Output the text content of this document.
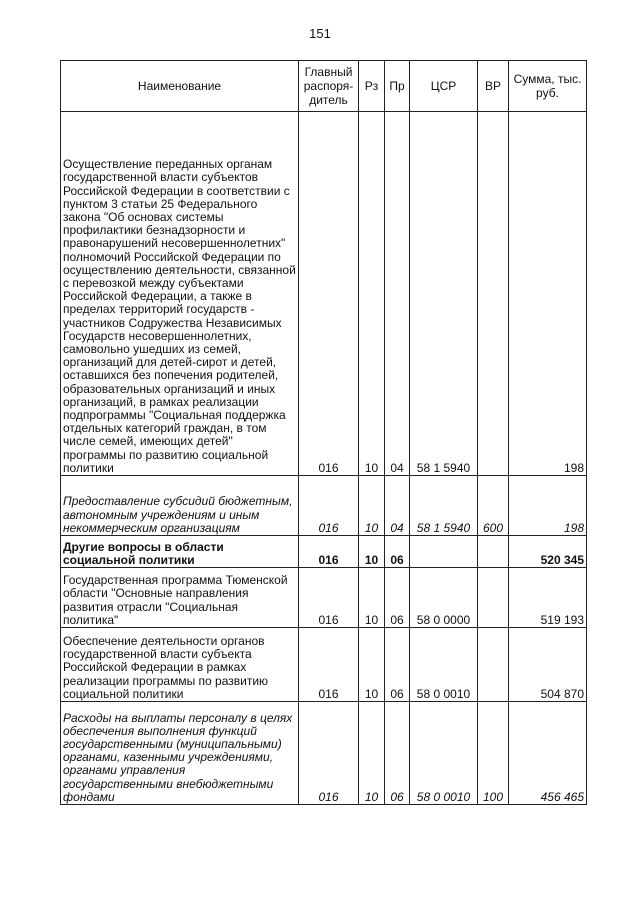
151
Наименование	Главный распоря-дитель	Рз	Пр	ЦСР	ВР	Сумма, тыс. руб.
Осуществление переданных органам государственной власти субъектов Российской Федерации в соответствии с пунктом 3 статьи 25 Федерального закона "Об основах системы профилактики безнадзорности и правонарушений несовершеннолетних" полномочий Российской Федерации по осуществлению деятельности, связанной с перевозкой между субъектами Российской Федерации, а также в пределах территорий государств - участников Содружества Независимых Государств несовершеннолетних, самовольно ушедших из семей, организаций для детей-сирот и детей, оставшихся без попечения родителей, образовательных организаций и иных организаций, в рамках реализации подпрограммы "Социальная поддержка отдельных категорий граждан, в том числе семей, имеющих детей" программы по развитию социальной политики	016	10	04	58 1 5940		198
Предоставление субсидий бюджетным, автономным учреждениям и иным некоммерческим организациям	016	10	04	58 1 5940	600	198
Другие вопросы в области социальной политики	016	10	06			520 345
Государственная программа Тюменской области "Основные направления развития отрасли "Социальная политика"	016	10	06	58 0 0000		519 193
Обеспечение деятельности органов государственной власти субъекта Российской Федерации в рамках реализации программы по развитию социальной политики	016	10	06	58 0 0010		504 870
Расходы на выплаты персоналу в целях обеспечения выполнения функций государственными (муниципальными) органами, казенными учреждениями, органами управления государственными внебюджетными фондами	016	10	06	58 0 0010	100	456 465
